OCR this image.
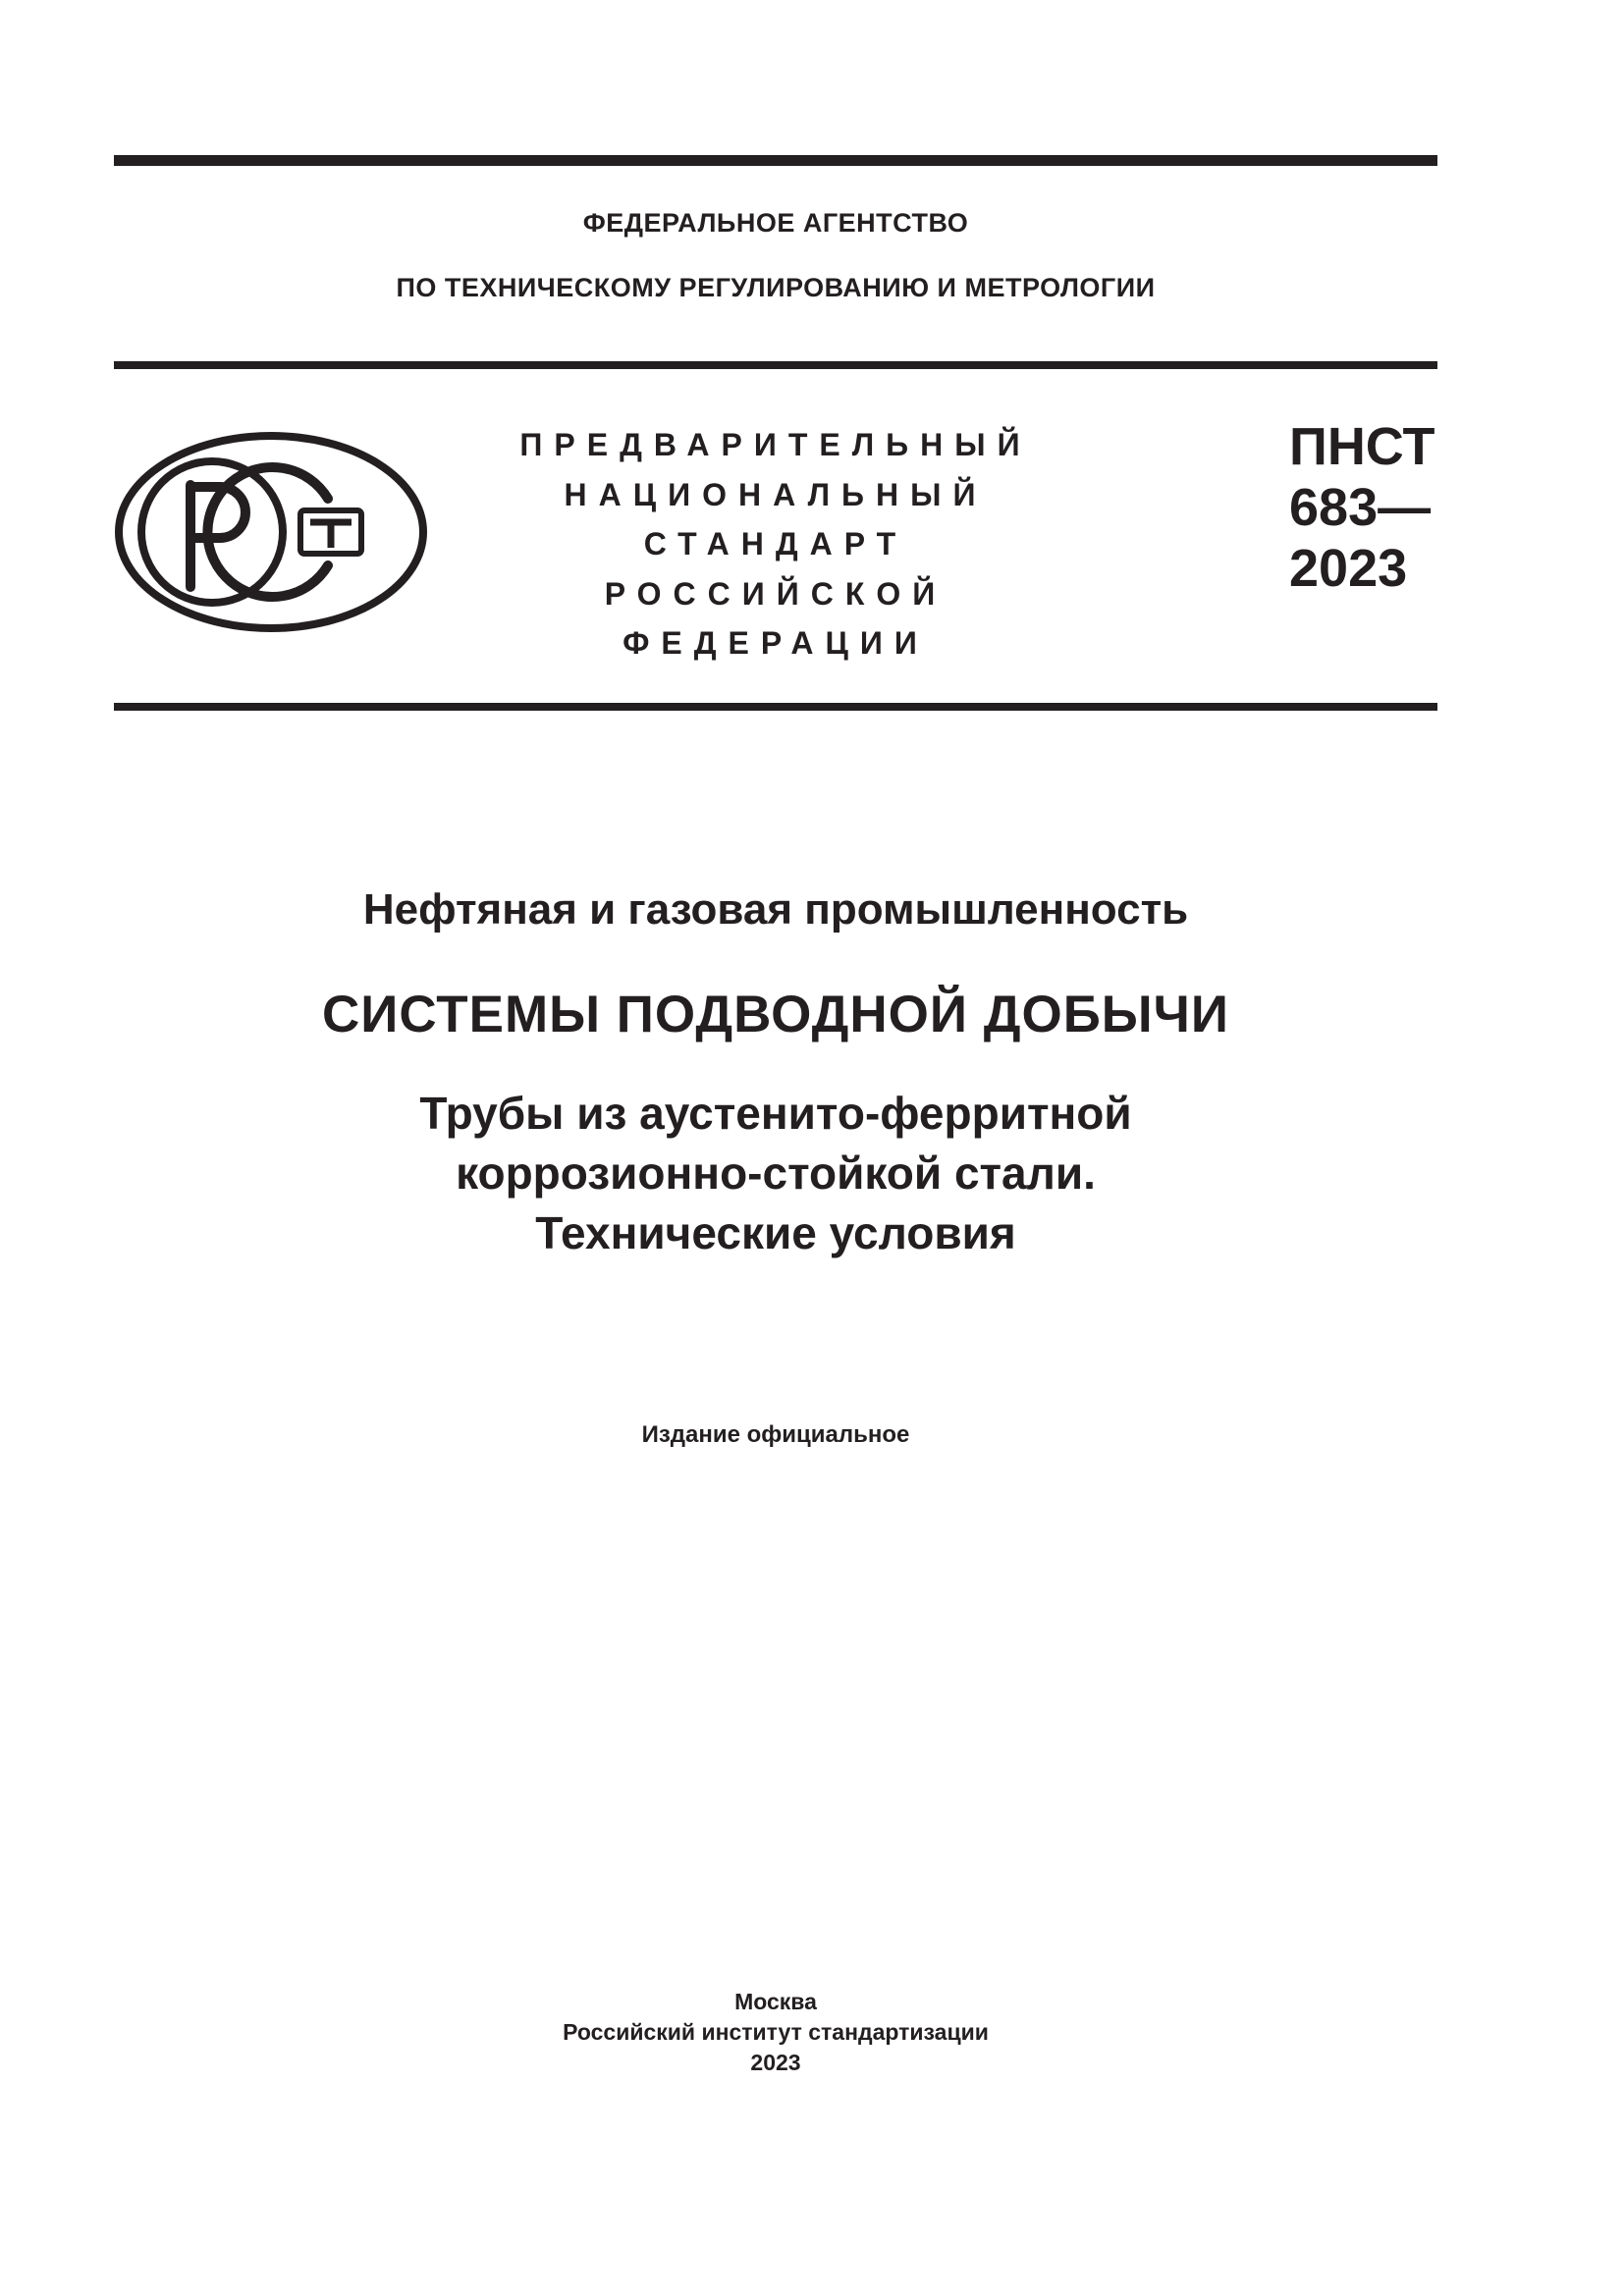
ФЕДЕРАЛЬНОЕ АГЕНТСТВО
ПО ТЕХНИЧЕСКОМУ РЕГУЛИРОВАНИЮ И МЕТРОЛОГИИ
ПРЕДВАРИТЕЛЬНЫЙ
НАЦИОНАЛЬНЫЙ
СТАНДАРТ
РОССИЙСКОЙ
ФЕДЕРАЦИИ
ПНСТ
683—
2023
Нефтяная и газовая промышленность
СИСТЕМЫ ПОДВОДНОЙ ДОБЫЧИ
Трубы из аустенито-ферритной
коррозионно-стойкой стали.
Технические условия
Издание официальное
Москва
Российский институт стандартизации
2023
